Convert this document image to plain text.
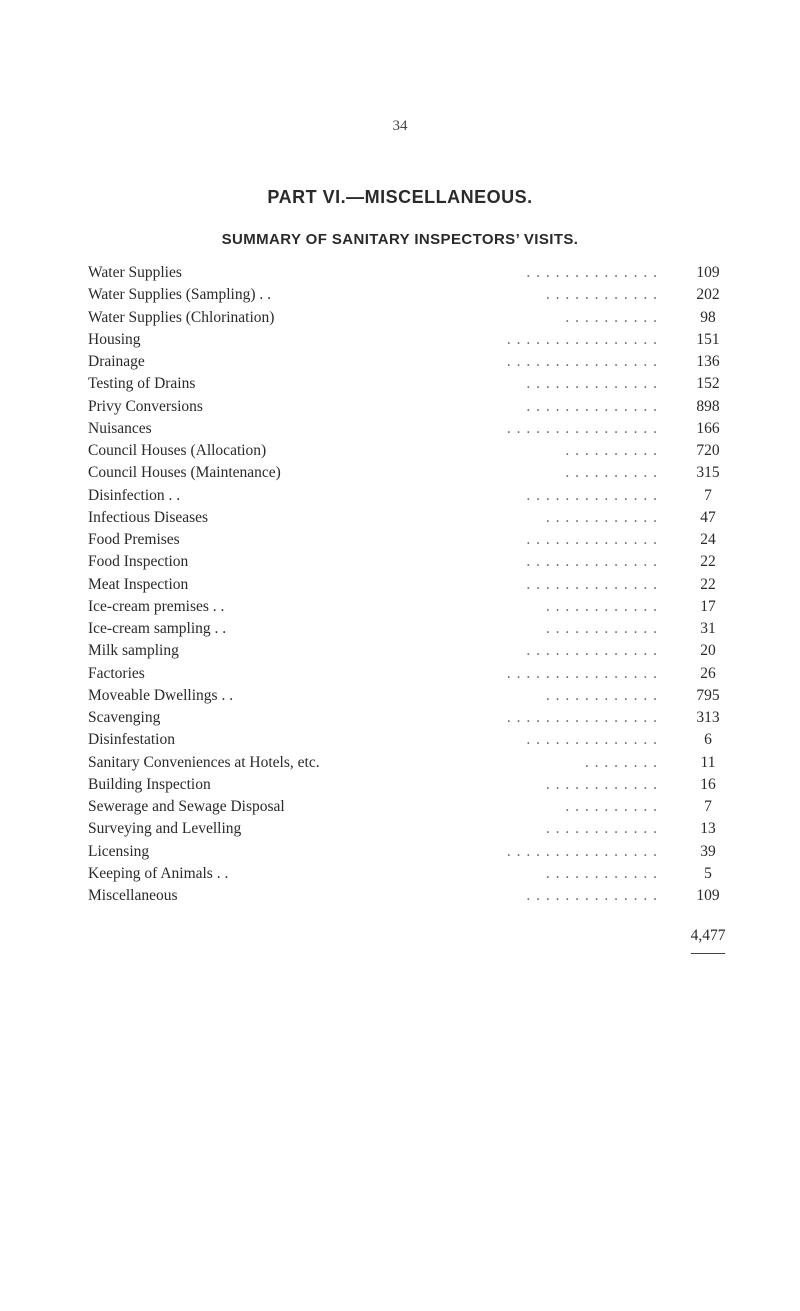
34
PART VI.—MISCELLANEOUS.
SUMMARY OF SANITARY INSPECTORS’ VISITS.
. . . . . . . . . . . . . .
Water Supplies	109
. . . . . . . . . . . .
Water Supplies (Sampling) . .	202
. . . . . . . . . .
Water Supplies (Chlorination)	98
. . . . . . . . . . . . . . . .
Housing	151
. . . . . . . . . . . . . . . .
Drainage	136
. . . . . . . . . . . . . .
Testing of Drains	152
. . . . . . . . . . . . . .
Privy Conversions	898
. . . . . . . . . . . . . . . .
Nuisances	166
. . . . . . . . . .
Council Houses (Allocation)	720
. . . . . . . . . .
Council Houses (Maintenance)	315
. . . . . . . . . . . . . .
Disinfection . .	7
. . . . . . . . . . . .
Infectious Diseases	47
. . . . . . . . . . . . . .
Food Premises	24
. . . . . . . . . . . . . .
Food Inspection	22
. . . . . . . . . . . . . .
Meat Inspection	22
. . . . . . . . . . . .
Ice-cream premises . .	17
. . . . . . . . . . . .
Ice-cream sampling . .	31
. . . . . . . . . . . . . .
Milk sampling	20
. . . . . . . . . . . . . . . .
Factories	26
. . . . . . . . . . . .
Moveable Dwellings . .	795
. . . . . . . . . . . . . . . .
Scavenging	313
. . . . . . . . . . . . . .
Disinfestation	6
. . . . . . . .
Sanitary Conveniences at Hotels, etc.	11
. . . . . . . . . . . .
Building Inspection	16
. . . . . . . . . .
Sewerage and Sewage Disposal	7
. . . . . . . . . . . .
Surveying and Levelling	13
. . . . . . . . . . . . . . . .
Licensing	39
. . . . . . . . . . . .
Keeping of Animals . .	5
. . . . . . . . . . . . . .
Miscellaneous	109
4,477
